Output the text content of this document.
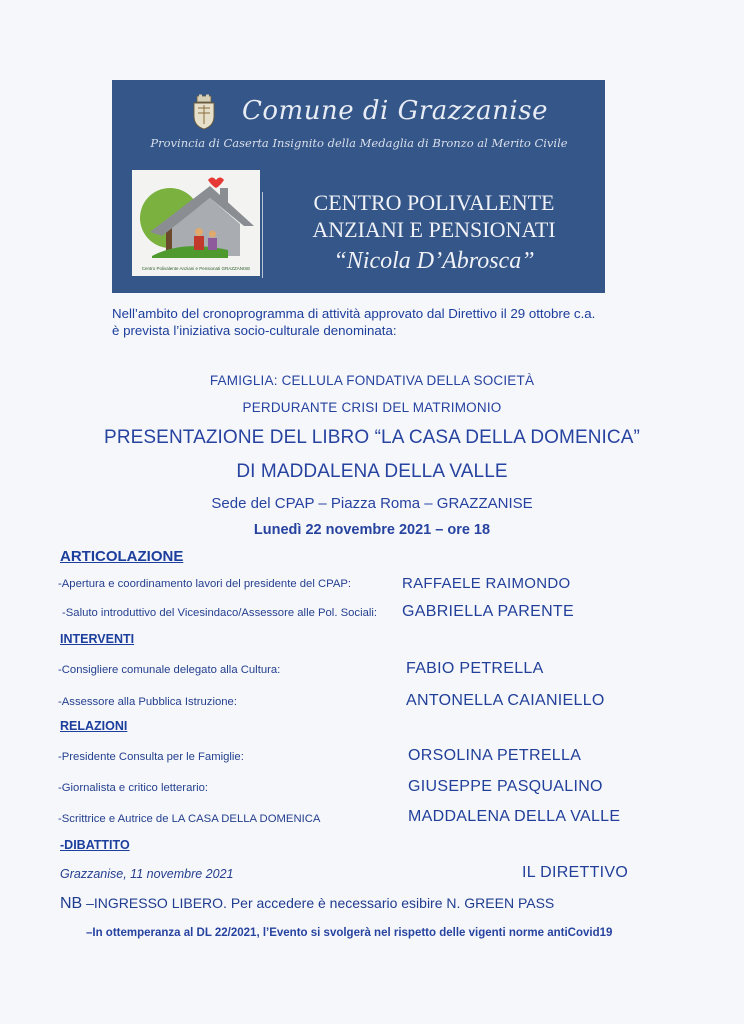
Comune di Grazzanise
Provincia di Caserta Insignito della Medaglia di Bronzo al Merito Civile
Centro Polivalente Anziani e Pensionati GRAZZANISE
CENTRO POLIVALENTE
ANZIANI E PENSIONATI
“Nicola D’Abrosca”
Nell’ambito del cronoprogramma di attività approvato dal Direttivo il 29 ottobre c.a.
è prevista l’iniziativa socio-culturale denominata:
FAMIGLIA: CELLULA FONDATIVA DELLA SOCIETÀ
PERDURANTE CRISI DEL MATRIMONIO
PRESENTAZIONE DEL LIBRO “LA CASA DELLA DOMENICA”
DI MADDALENA DELLA VALLE
Sede del CPAP – Piazza Roma – GRAZZANISE
Lunedì 22 novembre 2021 – ore 18
ARTICOLAZIONE
-Apertura e coordinamento lavori del presidente del CPAP:	RAFFAELE RAIMONDO
-Saluto introduttivo del Vicesindaco/Assessore alle Pol. Sociali: GABRIELLA PARENTE
INTERVENTI
-Consigliere comunale delegato alla Cultura:	FABIO PETRELLA
-Assessore alla Pubblica Istruzione:	ANTONELLA CAIANIELLO
RELAZIONI
-Presidente Consulta per le Famiglie:	ORSOLINA PETRELLA
-Giornalista e critico letterario:	GIUSEPPE PASQUALINO
-Scrittrice e Autrice de LA CASA DELLA DOMENICA	MADDALENA DELLA VALLE
-DIBATTITO
Grazzanise, 11 novembre 2021	IL DIRETTIVO
NB –INGRESSO LIBERO. Per accedere è necessario esibire N. GREEN PASS
–In ottemperanza al DL 22/2021, l’Evento si svolgerà nel rispetto delle vigenti norme antiCovid19
